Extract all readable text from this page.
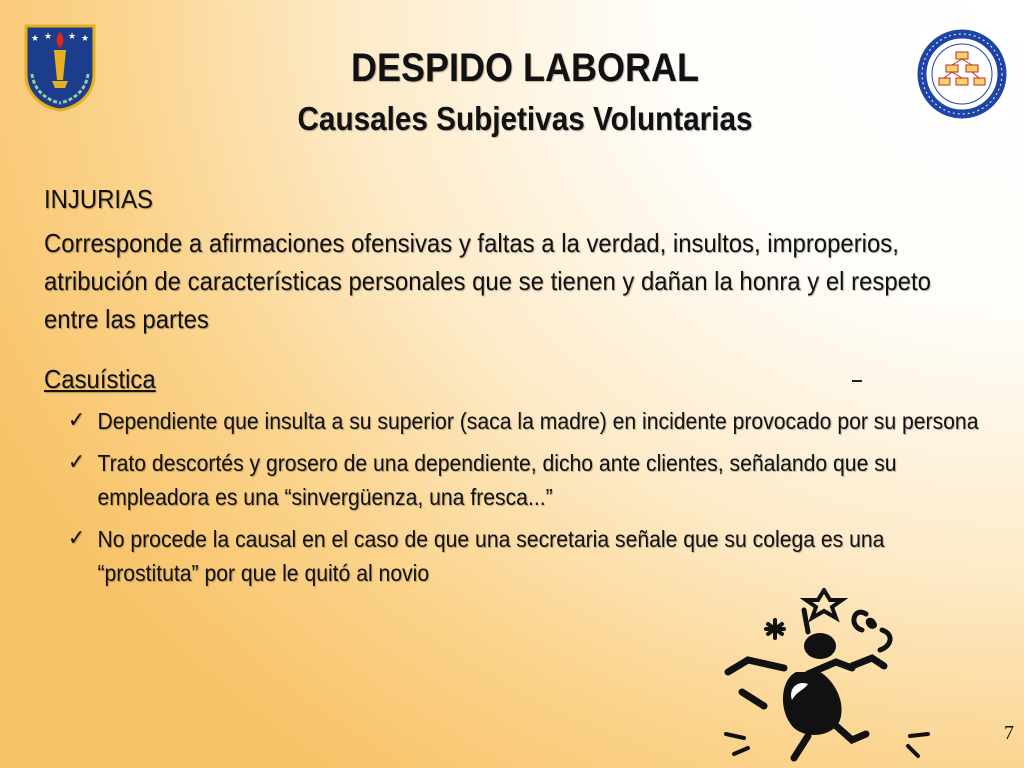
★ ★ ★ ★
DESPIDO LABORAL
Causales Subjetivas Voluntarias
INJURIAS
Corresponde a afirmaciones ofensivas y faltas a la verdad, insultos, improperios, atribución de características personales que se tienen y dañan la honra y el respeto entre las partes
Casuística
✓ Dependiente que insulta a su superior (saca la madre) en incidente provocado por su persona
✓ Trato descortés y grosero de una dependiente, dicho ante clientes, señalando que su empleadora es una “sinvergüenza, una fresca...”
✓ No procede la causal en el caso de que una secretaria señale que su colega es una “prostituta” por que le quitó al novio
7
